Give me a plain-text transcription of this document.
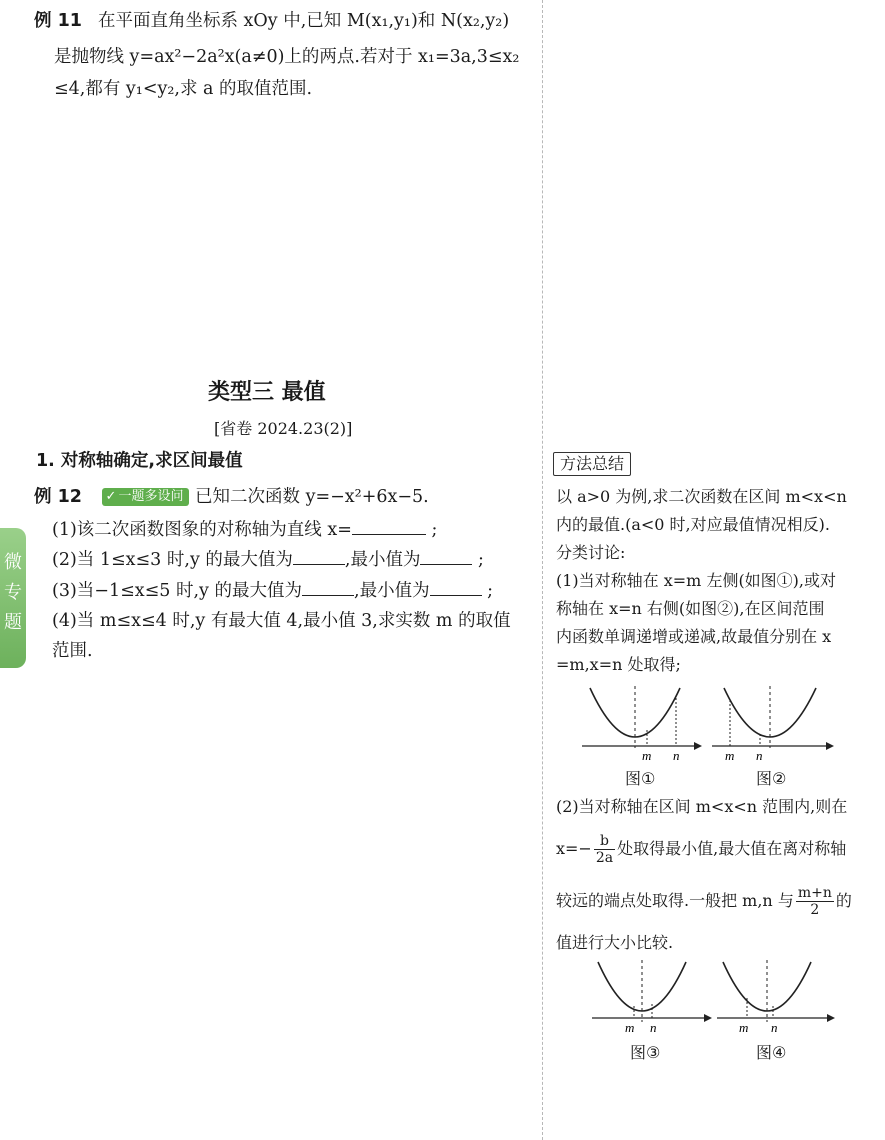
例 11 在平面直角坐标系 xOy 中,已知 M(x₁,y₁)和 N(x₂,y₂)
是抛物线 y=ax²−2a²x(a≠0)上的两点.若对于 x₁=3a,3≤x₂
≤4,都有 y₁<y₂,求 a 的取值范围.
类型三 最值
[省卷 2024.23(2)]
1. 对称轴确定,求区间最值
例 12 ✓ 一题多设问 已知二次函数 y=−x²+6x−5.
(1)该二次函数图象的对称轴为直线 x=	;
(2)当 1≤x≤3 时,y 的最大值为	,最小值为	;
(3)当−1≤x≤5 时,y 的最大值为	,最小值为	;
(4)当 m≤x≤4 时,y 有最大值 4,最小值 3,求实数 m 的取值
范围.
微
专
题
方法总结
以 a>0 为例,求二次函数在区间 m<x<n
内的最值.(a<0 时,对应最值情况相反).
分类讨论:
(1)当对称轴在 x=m 左侧(如图①),或对
称轴在 x=n 右侧(如图②),在区间范围
内函数单调递增或递减,故最值分别在 x
=m,x=n 处取得;
m n
图①
m n
图②
(2)当对称轴在区间 m<x<n 范围内,则在
$x=- \frac{b}{2a}$ 处取得最小值,最大值在离对称轴
较远的端点处取得.一般把 m,n 与 $\frac{m+n}{2}$ 的
值进行大小比较.
m n
图③
m n
图④
